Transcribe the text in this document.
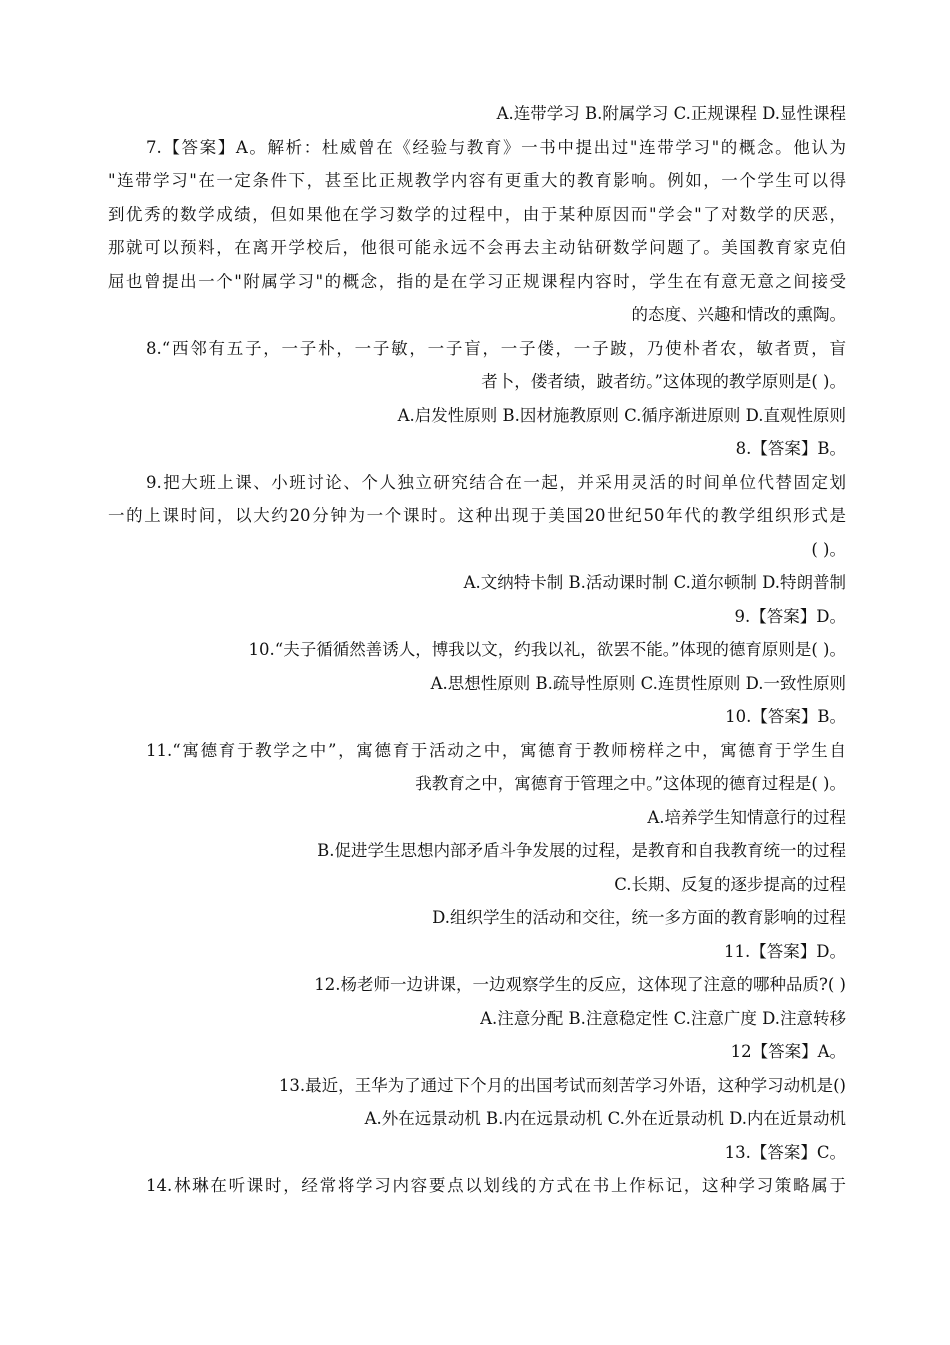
A.连带学习 B.附属学习 C.正规课程 D.显性课程
7.【答案】A。解析：杜威曾在《经验与教育》一书中提出过"连带学习"的概念。他认为
"连带学习"在一定条件下，甚至比正规教学内容有更重大的教育影响。例如，一个学生可以得
到优秀的数学成绩，但如果他在学习数学的过程中，由于某种原因而"学会"了对数学的厌恶，
那就可以预料，在离开学校后，他很可能永远不会再去主动钻研数学问题了。美国教育家克伯
屈也曾提出一个"附属学习"的概念，指的是在学习正规课程内容时，学生在有意无意之间接受
的态度、兴趣和情改的熏陶。
8.“西邻有五子，一子朴，一子敏，一子盲，一子偻，一子跛，乃使朴者农，敏者贾，盲
者卜，偻者绩，跛者纺。”这体现的教学原则是( )。
A.启发性原则 B.因材施教原则 C.循序渐进原则 D.直观性原则
8.【答案】B。
9.把大班上课、小班讨论、个人独立研究结合在一起，并采用灵活的时间单位代替固定划
一的上课时间，以大约20分钟为一个课时。这种出现于美国20世纪50年代的教学组织形式是
( )。
A.文纳特卡制 B.活动课时制 C.道尔顿制 D.特朗普制
9.【答案】D。
10.“夫子循循然善诱人，博我以文，约我以礼，欲罢不能。”体现的德育原则是( )。
A.思想性原则 B.疏导性原则 C.连贯性原则 D.一致性原则
10.【答案】B。
11.“寓德育于教学之中”，寓德育于活动之中，寓德育于教师榜样之中，寓德育于学生自
我教育之中，寓德育于管理之中。”这体现的德育过程是( )。
A.培养学生知情意行的过程
B.促进学生思想内部矛盾斗争发展的过程，是教育和自我教育统一的过程
C.长期、反复的逐步提高的过程
D.组织学生的活动和交往，统一多方面的教育影响的过程
11.【答案】D。
12.杨老师一边讲课，一边观察学生的反应，这体现了注意的哪种品质?( )
A.注意分配 B.注意稳定性 C.注意广度 D.注意转移
12【答案】A。
13.最近，王华为了通过下个月的出国考试而刻苦学习外语，这种学习动机是()
A.外在远景动机 B.内在远景动机 C.外在近景动机 D.内在近景动机
13.【答案】C。
14.林琳在听课时，经常将学习内容要点以划线的方式在书上作标记，这种学习策略属于
